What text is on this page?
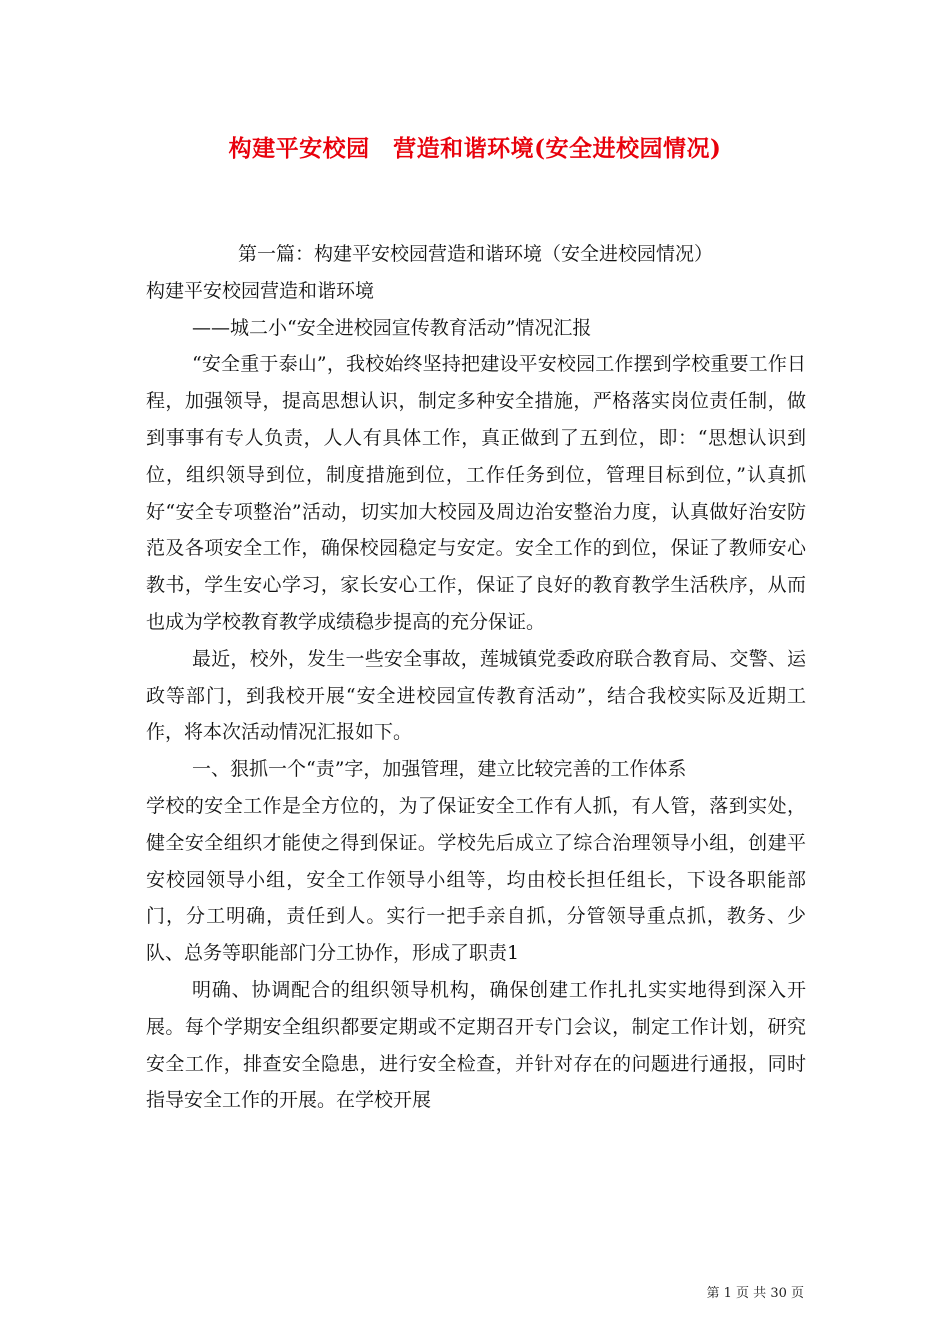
构建平安校园　营造和谐环境(安全进校园情况)

第一篇：构建平安校园营造和谐环境（安全进校园情况）

构建平安校园营造和谐环境

——城二小“安全进校园宣传教育活动”情况汇报

“安全重于泰山”，我校始终坚持把建设平安校园工作摆到学校重要工作日程，加强领导，提高思想认识，制定多种安全措施，严格落实岗位责任制，做到事事有专人负责，人人有具体工作，真正做到了五到位，即：“思想认识到位，组织领导到位，制度措施到位，工作任务到位，管理目标到位，”认真抓好“安全专项整治”活动，切实加大校园及周边治安整治力度，认真做好治安防范及各项安全工作，确保校园稳定与安定。安全工作的到位，保证了教师安心教书，学生安心学习，家长安心工作，保证了良好的教育教学生活秩序，从而也成为学校教育教学成绩稳步提高的充分保证。

最近，校外，发生一些安全事故，莲城镇党委政府联合教育局、交警、运政等部门，到我校开展“安全进校园宣传教育活动”，结合我校实际及近期工作，将本次活动情况汇报如下。

一、狠抓一个“责”字，加强管理，建立比较完善的工作体系

学校的安全工作是全方位的，为了保证安全工作有人抓，有人管，落到实处，健全安全组织才能使之得到保证。学校先后成立了综合治理领导小组，创建平安校园领导小组，安全工作领导小组等，均由校长担任组长，下设各职能部门，分工明确，责任到人。实行一把手亲自抓，分管领导重点抓，教务、少队、总务等职能部门分工协作，形成了职责1

明确、协调配合的组织领导机构，确保创建工作扎扎实实地得到深入开展。每个学期安全组织都要定期或不定期召开专门会议，制定工作计划，研究安全工作，排查安全隐患，进行安全检查，并针对存在的问题进行通报，同时指导安全工作的开展。在学校开展

第 1 页 共 30 页
